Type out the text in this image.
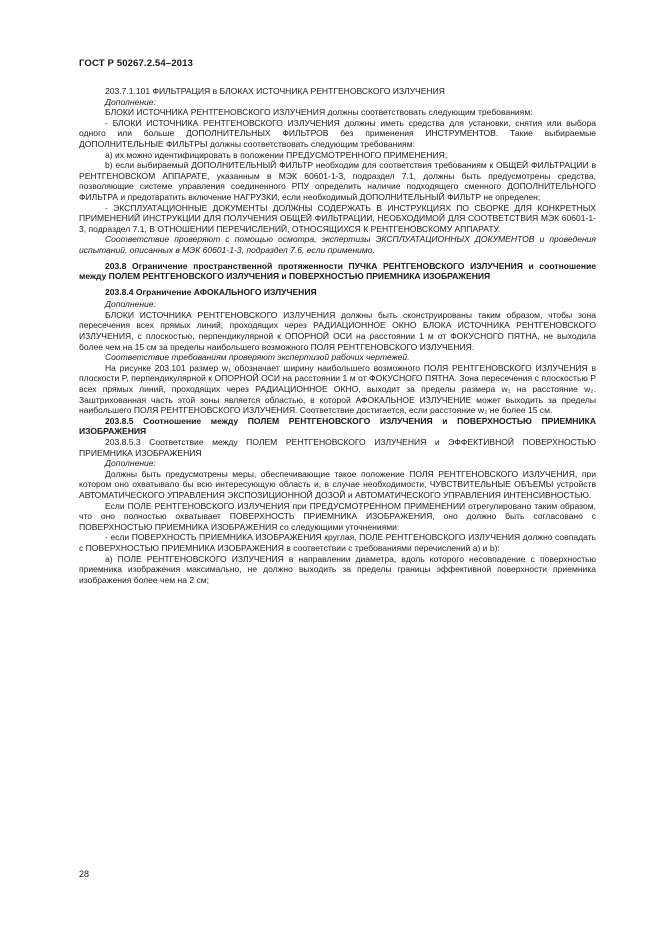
ГОСТ Р 50267.2.54–2013

203.7.1.101 ФИЛЬТРАЦИЯ в БЛОКАХ ИСТОЧНИКА РЕНТГЕНОВСКОГО ИЗЛУЧЕНИЯ

Дополнение:

БЛОКИ ИСТОЧНИКА РЕНТГЕНОВСКОГО ИЗЛУЧЕНИЯ должны соответствовать следующим требованиям:

- БЛОКИ ИСТОЧНИКА РЕНТГЕНОВСКОГО ИЗЛУЧЕНИЯ должны иметь средства для установки, снятия или выбора одного или больше ДОПОЛНИТЕЛЬНЫХ ФИЛЬТРОВ без применения ИНСТРУМЕНТОВ. Такие выбираемые ДОПОЛНИТЕЛЬНЫЕ ФИЛЬТРЫ должны соответствовать следующим требованиям:

а) их можно идентифицировать в положении ПРЕДУСМОТРЕННОГО ПРИМЕНЕНИЯ;

b) если выбираемый ДОПОЛНИТЕЛЬНЫЙ ФИЛЬТР необходим для соответствия требованиям к ОБЩЕЙ ФИЛЬТРАЦИИ в РЕНТГЕНОВСКОМ АППАРАТЕ, указанным в МЭК 60601-1-3, подраздел 7.1, должны быть предусмотрены средства, позволяющие системе управления соединенного РПУ определить наличие подходящего сменного ДОПОЛНИТЕЛЬНОГО ФИЛЬТРА и предотвратить включение НАГРУЗКИ, если необходимый ДОПОЛНИТЕЛЬНЫЙ ФИЛЬТР не определен;

- ЭКСПЛУАТАЦИОННЫЕ ДОКУМЕНТЫ ДОЛЖНЫ СОДЕРЖАТЬ В ИНСТРУКЦИЯХ ПО СБОРКЕ ДЛЯ КОНКРЕТНЫХ ПРИМЕНЕНИЙ ИНСТРУКЦИИ ДЛЯ ПОЛУЧЕНИЯ ОБЩЕЙ ФИЛЬТРАЦИИ, НЕОБХОДИМОЙ ДЛЯ СООТВЕТСТВИЯ МЭК 60601-1-3, подраздел 7.1, В ОТНОШЕНИИ ПЕРЕЧИСЛЕНИЙ, ОТНОСЯЩИХСЯ К РЕНТГЕНОВСКОМУ АППАРАТУ.

Соответствие проверяют с помощью осмотра, экспертизы ЭКСПЛУАТАЦИОННЫХ ДОКУМЕНТОВ и проведения испытаний, описанных в МЭК 60601-1-3, подраздел 7.6, если применимо.

203.8 Ограничение пространственной протяженности ПУЧКА РЕНТГЕНОВСКОГО ИЗЛУЧЕНИЯ и соотношение между ПОЛЕМ РЕНТГЕНОВСКОГО ИЗЛУЧЕНИЯ и ПОВЕРХНОСТЬЮ ПРИЕМНИКА ИЗОБРАЖЕНИЯ

203.8.4 Ограничение АФОКАЛЬНОГО ИЗЛУЧЕНИЯ

Дополнение:

БЛОКИ ИСТОЧНИКА РЕНТГЕНОВСКОГО ИЗЛУЧЕНИЯ должны быть сконструированы таким образом, чтобы зона пересечения всех прямых линий, проходящих через РАДИАЦИОННОЕ ОКНО БЛОКА ИСТОЧНИКА РЕНТГЕНОВСКОГО ИЗЛУЧЕНИЯ, с плоскостью, перпендикулярной к ОПОРНОЙ ОСИ на расстоянии 1 м от ФОКУСНОГО ПЯТНА, не выходила более чем на 15 см за пределы наибольшего возможного ПОЛЯ РЕНТГЕНОВСКОГО ИЗЛУЧЕНИЯ.

Соответствие требованиям проверяют экспертизой рабочих чертежей.

На рисунке 203.101 размер w₁ обозначает ширину наибольшего возможного ПОЛЯ РЕНТГЕНОВСКОГО ИЗЛУЧЕНИЯ в плоскости P, перпендикулярной к ОПОРНОЙ ОСИ на расстоянии 1 м от ФОКУСНОГО ПЯТНА. Зона пересечения с плоскостью P всех прямых линий, проходящих через РАДИАЦИОННОЕ ОКНО, выходит за пределы размера w₁ на расстояние w₂. Заштрихованная часть этой зоны является областью, в которой АФОКАЛЬНОЕ ИЗЛУЧЕНИЕ может выходить за пределы наибольшего ПОЛЯ РЕНТГЕНОВСКОГО ИЗЛУЧЕНИЯ. Соответствие достигается, если расстояние w₂ не более 15 см.

203.8.5 Соотношение между ПОЛЕМ РЕНТГЕНОВСКОГО ИЗЛУЧЕНИЯ и ПОВЕРХНОСТЬЮ ПРИЕМНИКА ИЗОБРАЖЕНИЯ

203.8.5.3 Соответствие между ПОЛЕМ РЕНТГЕНОВСКОГО ИЗЛУЧЕНИЯ и ЭФФЕКТИВНОЙ ПОВЕРХНОСТЬЮ ПРИЕМНИКА ИЗОБРАЖЕНИЯ

Дополнение:

Должны быть предусмотрены меры, обеспечивающие такое положение ПОЛЯ РЕНТГЕНОВСКОГО ИЗЛУЧЕНИЯ, при котором оно охватывало бы всю интересующую область и, в случае необходимости, ЧУВСТВИТЕЛЬНЫЕ ОБЪЕМЫ устройств АВТОМАТИЧЕСКОГО УПРАВЛЕНИЯ ЭКСПОЗИЦИОННОЙ ДОЗОЙ и АВТОМАТИЧЕСКОГО УПРАВЛЕНИЯ ИНТЕНСИВНОСТЬЮ.

Если ПОЛЕ РЕНТГЕНОВСКОГО ИЗЛУЧЕНИЯ при ПРЕДУСМОТРЕННОМ ПРИМЕНЕНИИ отрегулировано таким образом, что оно полностью охватывает ПОВЕРХНОСТЬ ПРИЕМНИКА ИЗОБРАЖЕНИЯ, оно должно быть согласовано с ПОВЕРХНОСТЬЮ ПРИЕМНИКА ИЗОБРАЖЕНИЯ со следующими уточнениями:

- если ПОВЕРХНОСТЬ ПРИЕМНИКА ИЗОБРАЖЕНИЯ круглая, ПОЛЕ РЕНТГЕНОВСКОГО ИЗЛУЧЕНИЯ должно совпадать с ПОВЕРХНОСТЬЮ ПРИЕМНИКА ИЗОБРАЖЕНИЯ в соответствии с требованиями перечислений а) и b):

а) ПОЛЕ РЕНТГЕНОВСКОГО ИЗЛУЧЕНИЯ в направлении диаметра, вдоль которого несовпадение с поверхностью приемника изображения максимально, не должно выходить за пределы границы эффективной поверхности приемника изображения более чем на 2 см;

28
